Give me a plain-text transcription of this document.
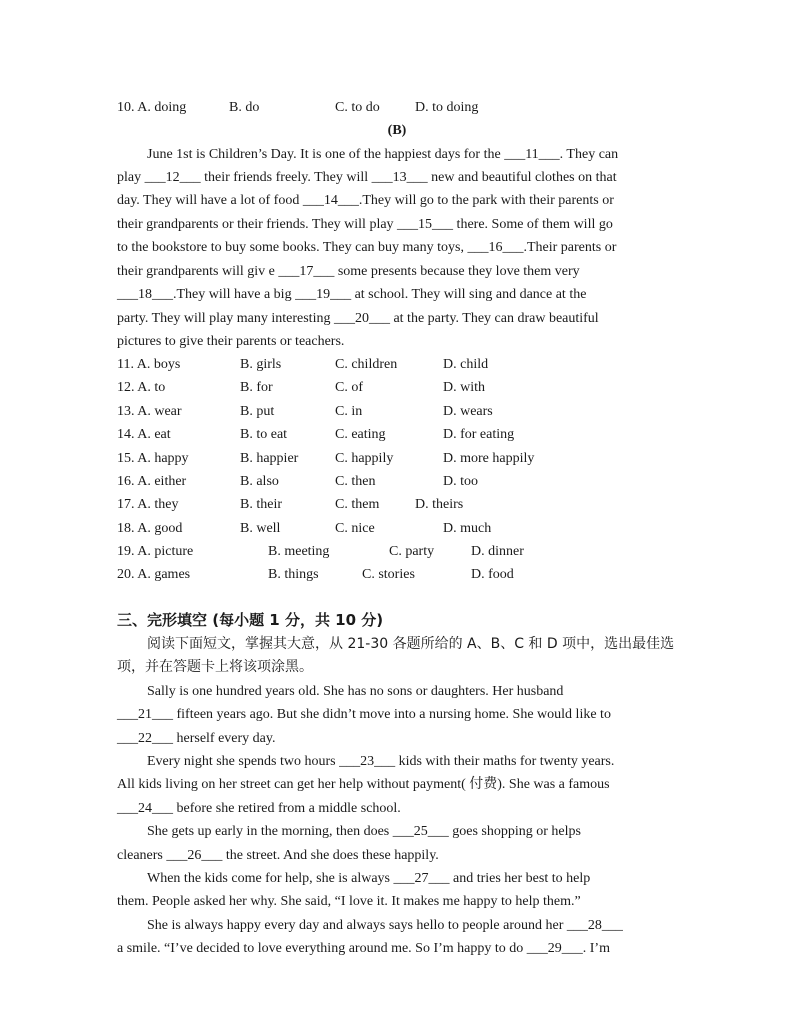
10. A. doing	B. do	C. to do	D. to doing
(B)
June 1st is Children’s Day. It is one of the happiest days for the ___11___. They can
play ___12___ their friends freely. They will ___13___ new and beautiful clothes on that
day. They will have a lot of food ___14___.They will go to the park with their parents or
their grandparents or their friends. They will play ___15___ there. Some of them will go
to the bookstore to buy some books. They can buy many toys, ___16___.Their parents or
their grandparents will giv e ___17___ some presents because they love them very
___18___.They will have a big ___19___ at school. They will sing and dance at the
party. They will play many interesting ___20___ at the party. They can draw beautiful
pictures to give their parents or teachers.
11. A. boys	B. girls	C. children	D. child
12. A. to	B. for	C. of	D. with
13. A. wear	B. put	C. in	D. wears
14. A. eat	B. to eat	C. eating	D. for eating
15. A. happy	B. happier	C. happily	D. more happily
16. A. either	B. also	C. then	D. too
17. A. they	B. their	C. them	D. theirs
18. A. good	B. well	C. nice	D. much
19. A. picture	B. meeting	C. party	D. dinner
20. A. games	B. things	C. stories	D. food
三、完形填空 (每小题 1 分，共 10 分)
阅读下面短文，掌握其大意，从 21-30 各题所给的 A、B、C 和 D 项中，选出最佳选项，并在答题卡上将该项涂黑。
Sally is one hundred years old. She has no sons or daughters. Her husband
___21___ fifteen years ago. But she didn’t move into a nursing home. She would like to
___22___ herself every day.
Every night she spends two hours ___23___ kids with their maths for twenty years.
All kids living on her street can get her help without payment( 付费). She was a famous
___24___ before she retired from a middle school.
She gets up early in the morning, then does ___25___ goes shopping or helps
cleaners ___26___ the street. And she does these happily.
When the kids come for help, she is always ___27___ and tries her best to help
them. People asked her why. She said, “I love it. It makes me happy to help them.”
She is always happy every day and always says hello to people around her ___28___
a smile. “I’ve decided to love everything around me. So I’m happy to do ___29___. I’m
